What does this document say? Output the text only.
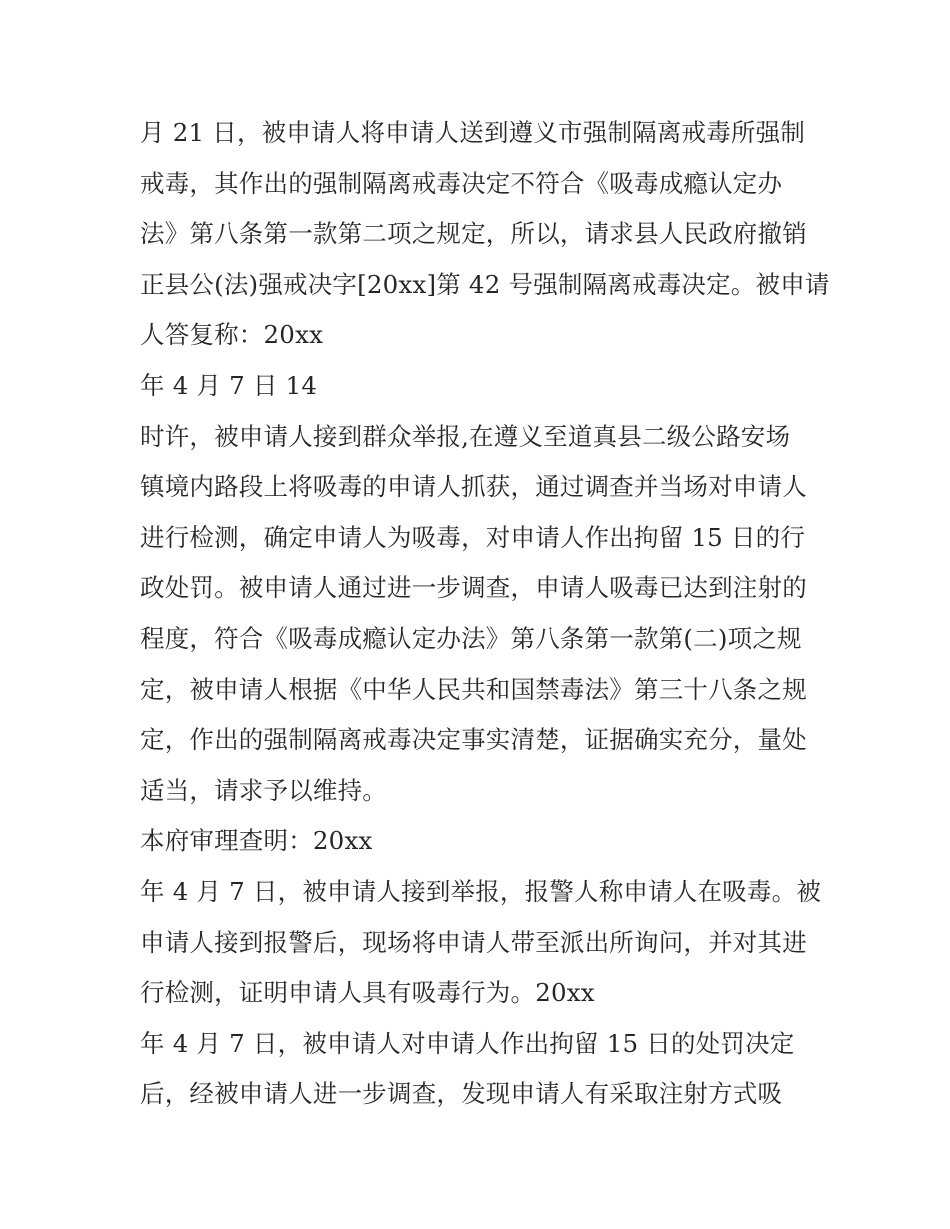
月 21 日，被申请人将申请人送到遵义市强制隔离戒毒所强制
戒毒，其作出的强制隔离戒毒决定不符合《吸毒成瘾认定办
法》第八条第一款第二项之规定，所以，请求县人民政府撤销
正县公(法)强戒决字[20xx]第 42 号强制隔离戒毒决定。被申请
人答复称：20xx
年 4 月 7 日 14
时许，被申请人接到群众举报,在遵义至道真县二级公路安场
镇境内路段上将吸毒的申请人抓获，通过调查并当场对申请人
进行检测，确定申请人为吸毒，对申请人作出拘留 15 日的行
政处罚。被申请人通过进一步调查，申请人吸毒已达到注射的
程度，符合《吸毒成瘾认定办法》第八条第一款第(二)项之规
定，被申请人根据《中华人民共和国禁毒法》第三十八条之规
定，作出的强制隔离戒毒决定事实清楚，证据确实充分，量处
适当，请求予以维持。
本府审理查明：20xx
年 4 月 7 日，被申请人接到举报，报警人称申请人在吸毒。被
申请人接到报警后，现场将申请人带至派出所询问，并对其进
行检测，证明申请人具有吸毒行为。20xx
年 4 月 7 日，被申请人对申请人作出拘留 15 日的处罚决定
后，经被申请人进一步调查，发现申请人有采取注射方式吸
